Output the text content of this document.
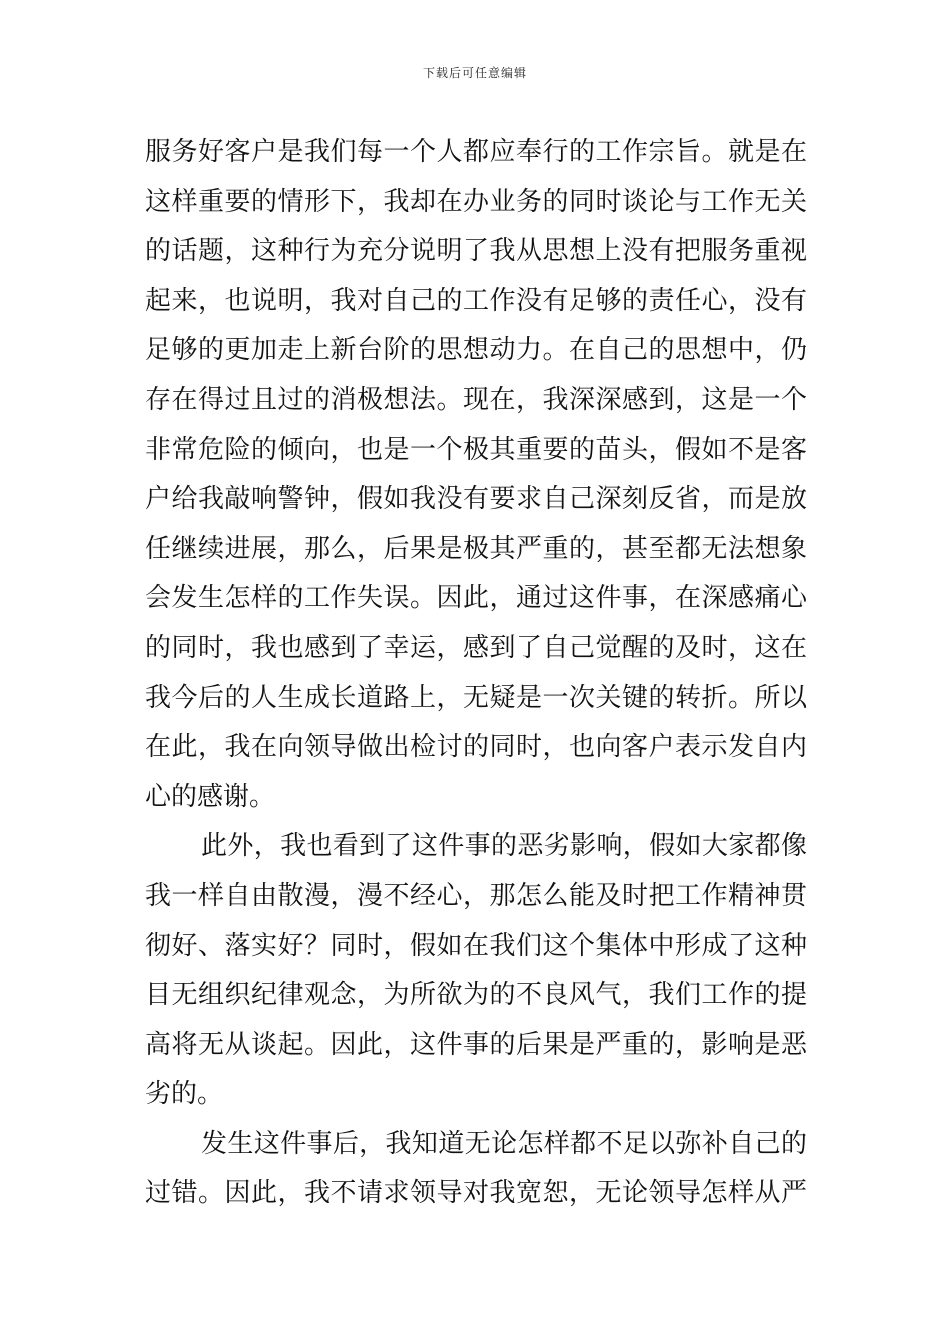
下载后可任意编辑
服务好客户是我们每一个人都应奉行的工作宗旨。就是在
这样重要的情形下，我却在办业务的同时谈论与工作无关
的话题，这种行为充分说明了我从思想上没有把服务重视
起来，也说明，我对自己的工作没有足够的责任心，没有
足够的更加走上新台阶的思想动力。在自己的思想中，仍
存在得过且过的消极想法。现在，我深深感到，这是一个
非常危险的倾向，也是一个极其重要的苗头，假如不是客
户给我敲响警钟，假如我没有要求自己深刻反省，而是放
任继续进展，那么，后果是极其严重的，甚至都无法想象
会发生怎样的工作失误。因此，通过这件事，在深感痛心
的同时，我也感到了幸运，感到了自己觉醒的及时，这在
我今后的人生成长道路上，无疑是一次关键的转折。所以
在此，我在向领导做出检讨的同时，也向客户表示发自内
心的感谢。
此外，我也看到了这件事的恶劣影响，假如大家都像
我一样自由散漫，漫不经心，那怎么能及时把工作精神贯
彻好、落实好？同时，假如在我们这个集体中形成了这种
目无组织纪律观念，为所欲为的不良风气，我们工作的提
高将无从谈起。因此，这件事的后果是严重的，影响是恶
劣的。
发生这件事后，我知道无论怎样都不足以弥补自己的
过错。因此，我不请求领导对我宽恕，无论领导怎样从严
